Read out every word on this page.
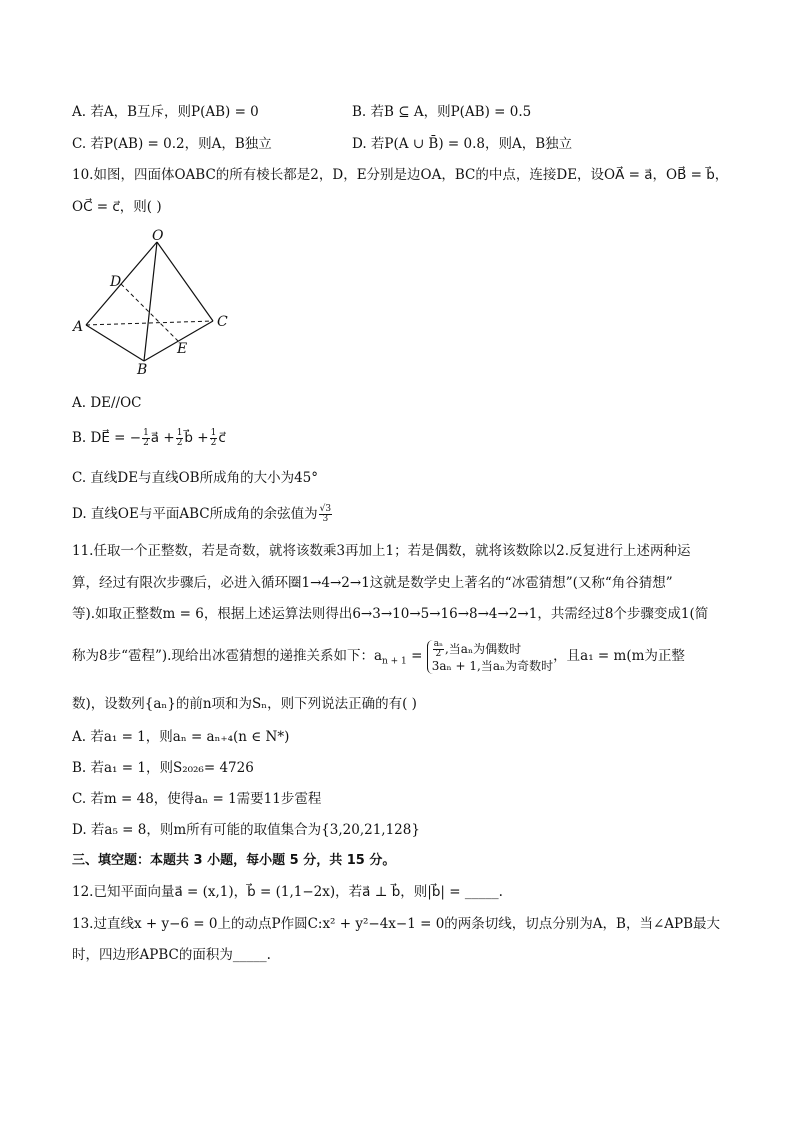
A. 若A，B互斥，则P(AB) = 0	B. 若B ⊆ A，则P(AB) = 0.5
C. 若P(AB) = 0.2，则A，B独立	D. 若P(A ∪ B̄) = 0.8，则A，B独立
10.如图，四面体OABC的所有棱长都是2，D，E分别是边OA，BC的中点，连接DE，设OA⃗ = a⃗，OB⃗ = b⃗，
OC⃗ = c⃗，则( )
O
D
A	C
E
B
A. DE//OC
B. DE⃗ = − $\frac{1}{2}$ a⃗ + $\frac{1}{2}$ b⃗ + $\frac{1}{2}$ c⃗
C. 直线DE与直线OB所成角的大小为45°
D. 直线OE与平面ABC所成角的余弦值为 $\frac{√3}{3}$
11.任取一个正整数，若是奇数，就将该数乘3再加上1；若是偶数，就将该数除以2.反复进行上述两种运
算，经过有限次步骤后，必进入循环圈1→4→2→1这就是数学史上著名的“冰雹猜想”(又称“角谷猜想”
等).如取正整数m = 6，根据上述运算法则得出6→3→10→5→16→8→4→2→1，共需经过8个步骤变成1(简
称为8步“雹程”).现给出冰雹猜想的递推关系如下：$a_{n + 1} = \frac{\text{aₙ}}{2}$ ,当aₙ为偶数时
3aₙ + 1,当aₙ为奇数时
，且a₁ = m(m为正整
数)，设数列{aₙ}的前n项和为Sₙ，则下列说法正确的有( )
A. 若a₁ = 1，则aₙ = aₙ₊₄(n ∈ N*)
B. 若a₁ = 1，则S₂₀₂₆= 4726
C. 若m = 48，使得aₙ = 1需要11步雹程
D. 若a₅ = 8，则m所有可能的取值集合为{3,20,21,128}
三、填空题：本题共 3 小题，每小题 5 分，共 15 分。
12.已知平面向量a⃗ = (x,1)，b⃗ = (1,1−2x)，若a⃗ ⊥ b⃗，则|b⃗| = _____.
13.过直线x + y−6 = 0上的动点P作圆C:x² + y²−4x−1 = 0的两条切线，切点分别为A，B，当∠APB最大
时，四边形APBC的面积为_____.
